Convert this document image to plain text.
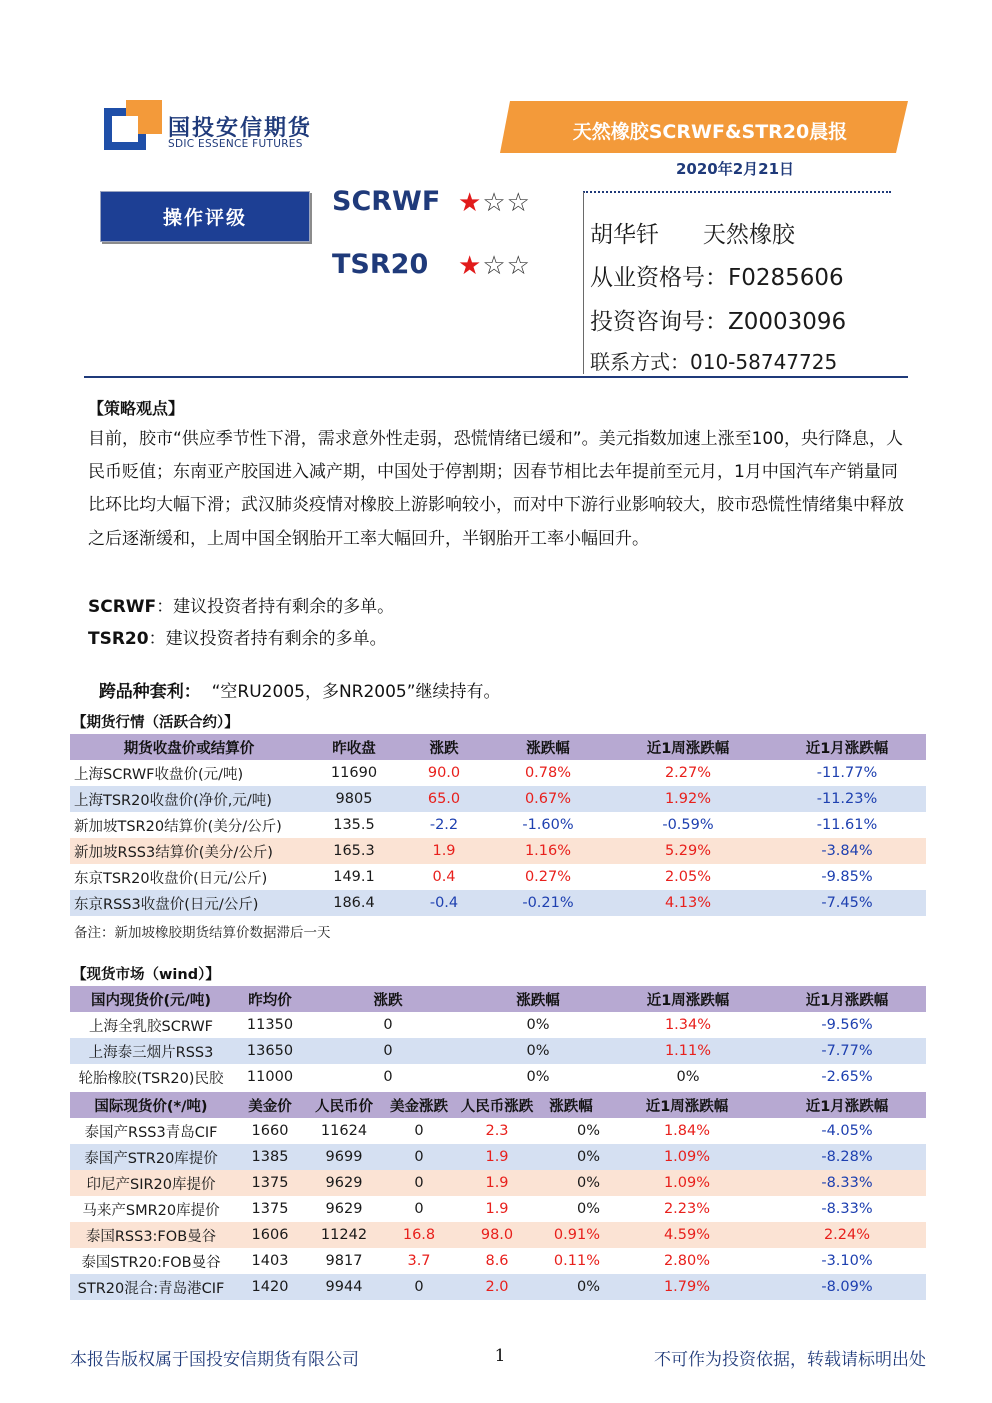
国投安信期货
SDIC ESSENCE FUTURES
天然橡胶SCRWF&STR20晨报
2020年2月21日
操作评级
SCRWF ★☆☆
TSR20 ★☆☆
胡华钎      天然橡胶
从业资格号：F0285606
投资咨询号：Z0003096
联系方式：010-58747725
【策略观点】
目前，胶市“供应季节性下滑，需求意外性走弱，恐慌情绪已缓和”。美元指数加速上涨至100，央行降息，人民币贬值；东南亚产胶国进入减产期，中国处于停割期；因春节相比去年提前至元月，1月中国汽车产销量同比环比均大幅下滑；武汉肺炎疫情对橡胶上游影响较小，而对中下游行业影响较大，胶市恐慌性情绪集中释放之后逐渐缓和，上周中国全钢胎开工率大幅回升，半钢胎开工率小幅回升。
SCRWF：建议投资者持有剩余的多单。
TSR20：建议投资者持有剩余的多单。

跨品种套利：  “空RU2005，多NR2005”继续持有。

【期货行情（活跃合约）】
期货收盘价或结算价	昨收盘	涨跌	涨跌幅	近1周涨跌幅	近1月涨跌幅
上海SCRWF收盘价(元/吨)	11690	90.0	0.78%	2.27%	-11.77%
上海TSR20收盘价(净价,元/吨)	9805	65.0	0.67%	1.92%	-11.23%
新加坡TSR20结算价(美分/公斤)	135.5	-2.2	-1.60%	-0.59%	-11.61%
新加坡RSS3结算价(美分/公斤)	165.3	1.9	1.16%	5.29%	-3.84%
东京TSR20收盘价(日元/公斤)	149.1	0.4	0.27%	2.05%	-9.85%
东京RSS3收盘价(日元/公斤)	186.4	-0.4	-0.21%	4.13%	-7.45%
备注：新加坡橡胶期货结算价数据滞后一天
【现货市场（wind）】
国内现货价(元/吨)	昨均价	涨跌	涨跌幅	近1周涨跌幅	近1月涨跌幅
上海全乳胶SCRWF	11350	0	0%	1.34%	-9.56%
上海泰三烟片RSS3	13650	0	0%	1.11%	-7.77%
轮胎橡胶(TSR20)民胶	11000	0	0%	0%	-2.65%
国际现货价(*/吨)	美金价	人民币价	美金涨跌	人民币涨跌	涨跌幅	近1周涨跌幅	近1月涨跌幅
泰国产RSS3青岛CIF	1660	11624	0	2.3	0%	1.84%	-4.05%
泰国产STR20库提价	1385	9699	0	1.9	0%	1.09%	-8.28%
印尼产SIR20库提价	1375	9629	0	1.9	0%	1.09%	-8.33%
马来产SMR20库提价	1375	9629	0	1.9	0%	2.23%	-8.33%
泰国RSS3:FOB曼谷	1606	11242	16.8	98.0	0.91%	4.59%	2.24%
泰国STR20:FOB曼谷	1403	9817	3.7	8.6	0.11%	2.80%	-3.10%
STR20混合:青岛港CIF	1420	9944	0	2.0	0%	1.79%	-8.09%
本报告版权属于国投安信期货有限公司	1	不可作为投资依据，转载请标明出处
